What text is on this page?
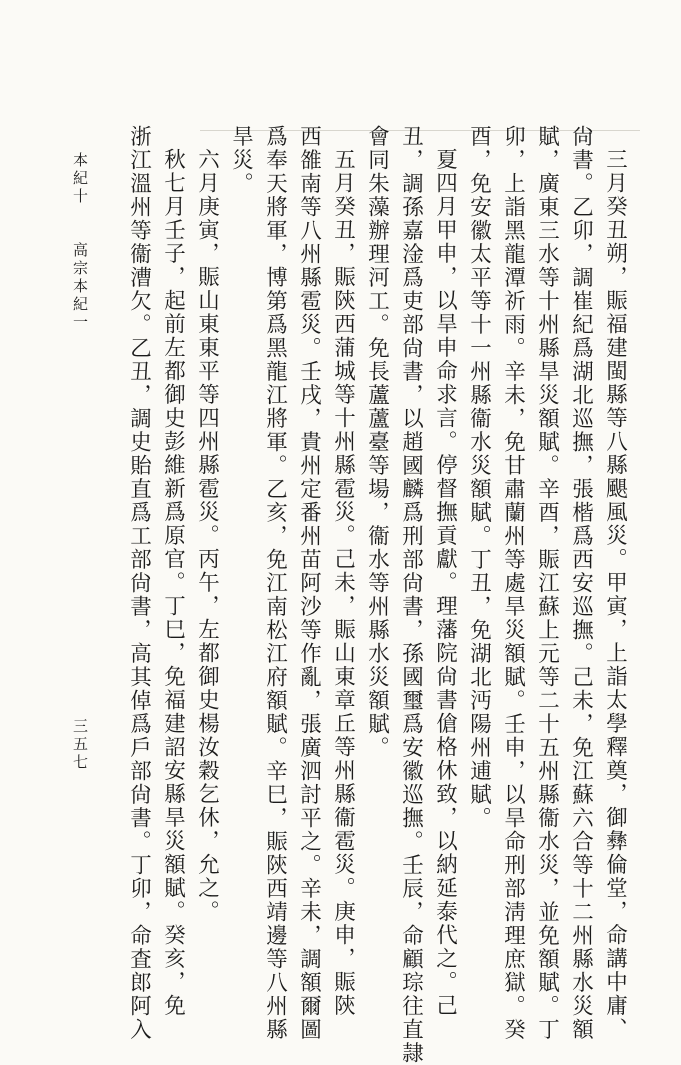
三月癸丑朔，賑福建閩縣等八縣颶風災。甲寅，上詣太學釋奠，御彝倫堂，命講中庸、
尙書。乙卯，調崔紀爲湖北巡撫，張楷爲西安巡撫。己未，免江蘇六合等十二州縣水災額
賦，廣東三水等十州縣旱災額賦。辛酉，賑江蘇上元等二十五州縣衞水災，並免額賦。丁
卯，上詣黑龍潭祈雨。辛未，免甘肅蘭州等處旱災額賦。壬申，以旱命刑部淸理庶獄。癸
酉，免安徽太平等十一州縣衞水災額賦。丁丑，免湖北沔陽州逋賦。
夏四月甲申，以旱申命求言。停督撫貢獻。理藩院尙書傖格休致，以納延泰代之。己
丑，調孫嘉淦爲吏部尙書，以趙國麟爲刑部尙書，孫國璽爲安徽巡撫。壬辰，命顧琮往直隷
會同朱藻辦理河工。免長蘆蘆臺等場，衞水等州縣水災額賦。
五月癸丑，賑陝西蒲城等十州縣雹災。己未，賑山東章丘等州縣衞雹災。庚申，賑陝
西雒南等八州縣雹災。壬戌，貴州定番州苗阿沙等作亂，張廣泗討平之。辛未，調額爾圖
爲奉天將軍，博第爲黑龍江將軍。乙亥，免江南松江府額賦。辛巳，賑陝西靖邊等八州縣
旱災。
六月庚寅，賑山東東平等四州縣雹災。丙午，左都御史楊汝穀乞休，允之。
秋七月壬子，起前左都御史彭維新爲原官。丁巳，免福建詔安縣旱災額賦。癸亥，免
浙江溫州等衞漕欠。乙丑，調史貽直爲工部尙書，高其倬爲戶部尙書。丁卯，命査郎阿入
本紀十　　高宗本紀一
三五七
